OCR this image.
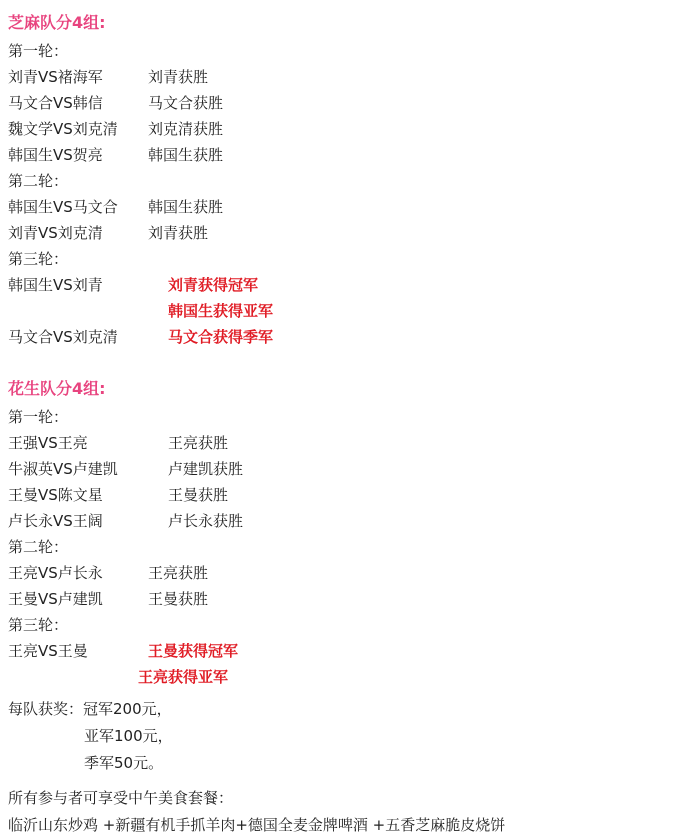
芝麻队分4组:
第一轮：
刘青VS褚海军	刘青获胜
马文合VS韩信	马文合获胜
魏文学VS刘克清	刘克清获胜
韩国生VS贺亮	韩国生获胜
第二轮：
韩国生VS马文合	韩国生获胜
刘青VS刘克清	刘青获胜
第三轮：
韩国生VS刘青	刘青获得冠军
韩国生获得亚军
马文合VS刘克清	马文合获得季军
花生队分4组:
第一轮：
王强VS王亮	王亮获胜
牛淑英VS卢建凯	卢建凯获胜
王曼VS陈文星	王曼获胜
卢长永VS王阔	卢长永获胜
第二轮：
王亮VS卢长永	王亮获胜
王曼VS卢建凯	王曼获胜
第三轮：
王亮VS王曼	王曼获得冠军
王亮获得亚军
每队获奖：冠军200元，
亚军100元，
季军50元。
所有参与者可享受中午美食套餐：
临沂山东炒鸡 +新疆有机手抓羊肉+德国全麦金牌啤酒 +五香芝麻脆皮烧饼
